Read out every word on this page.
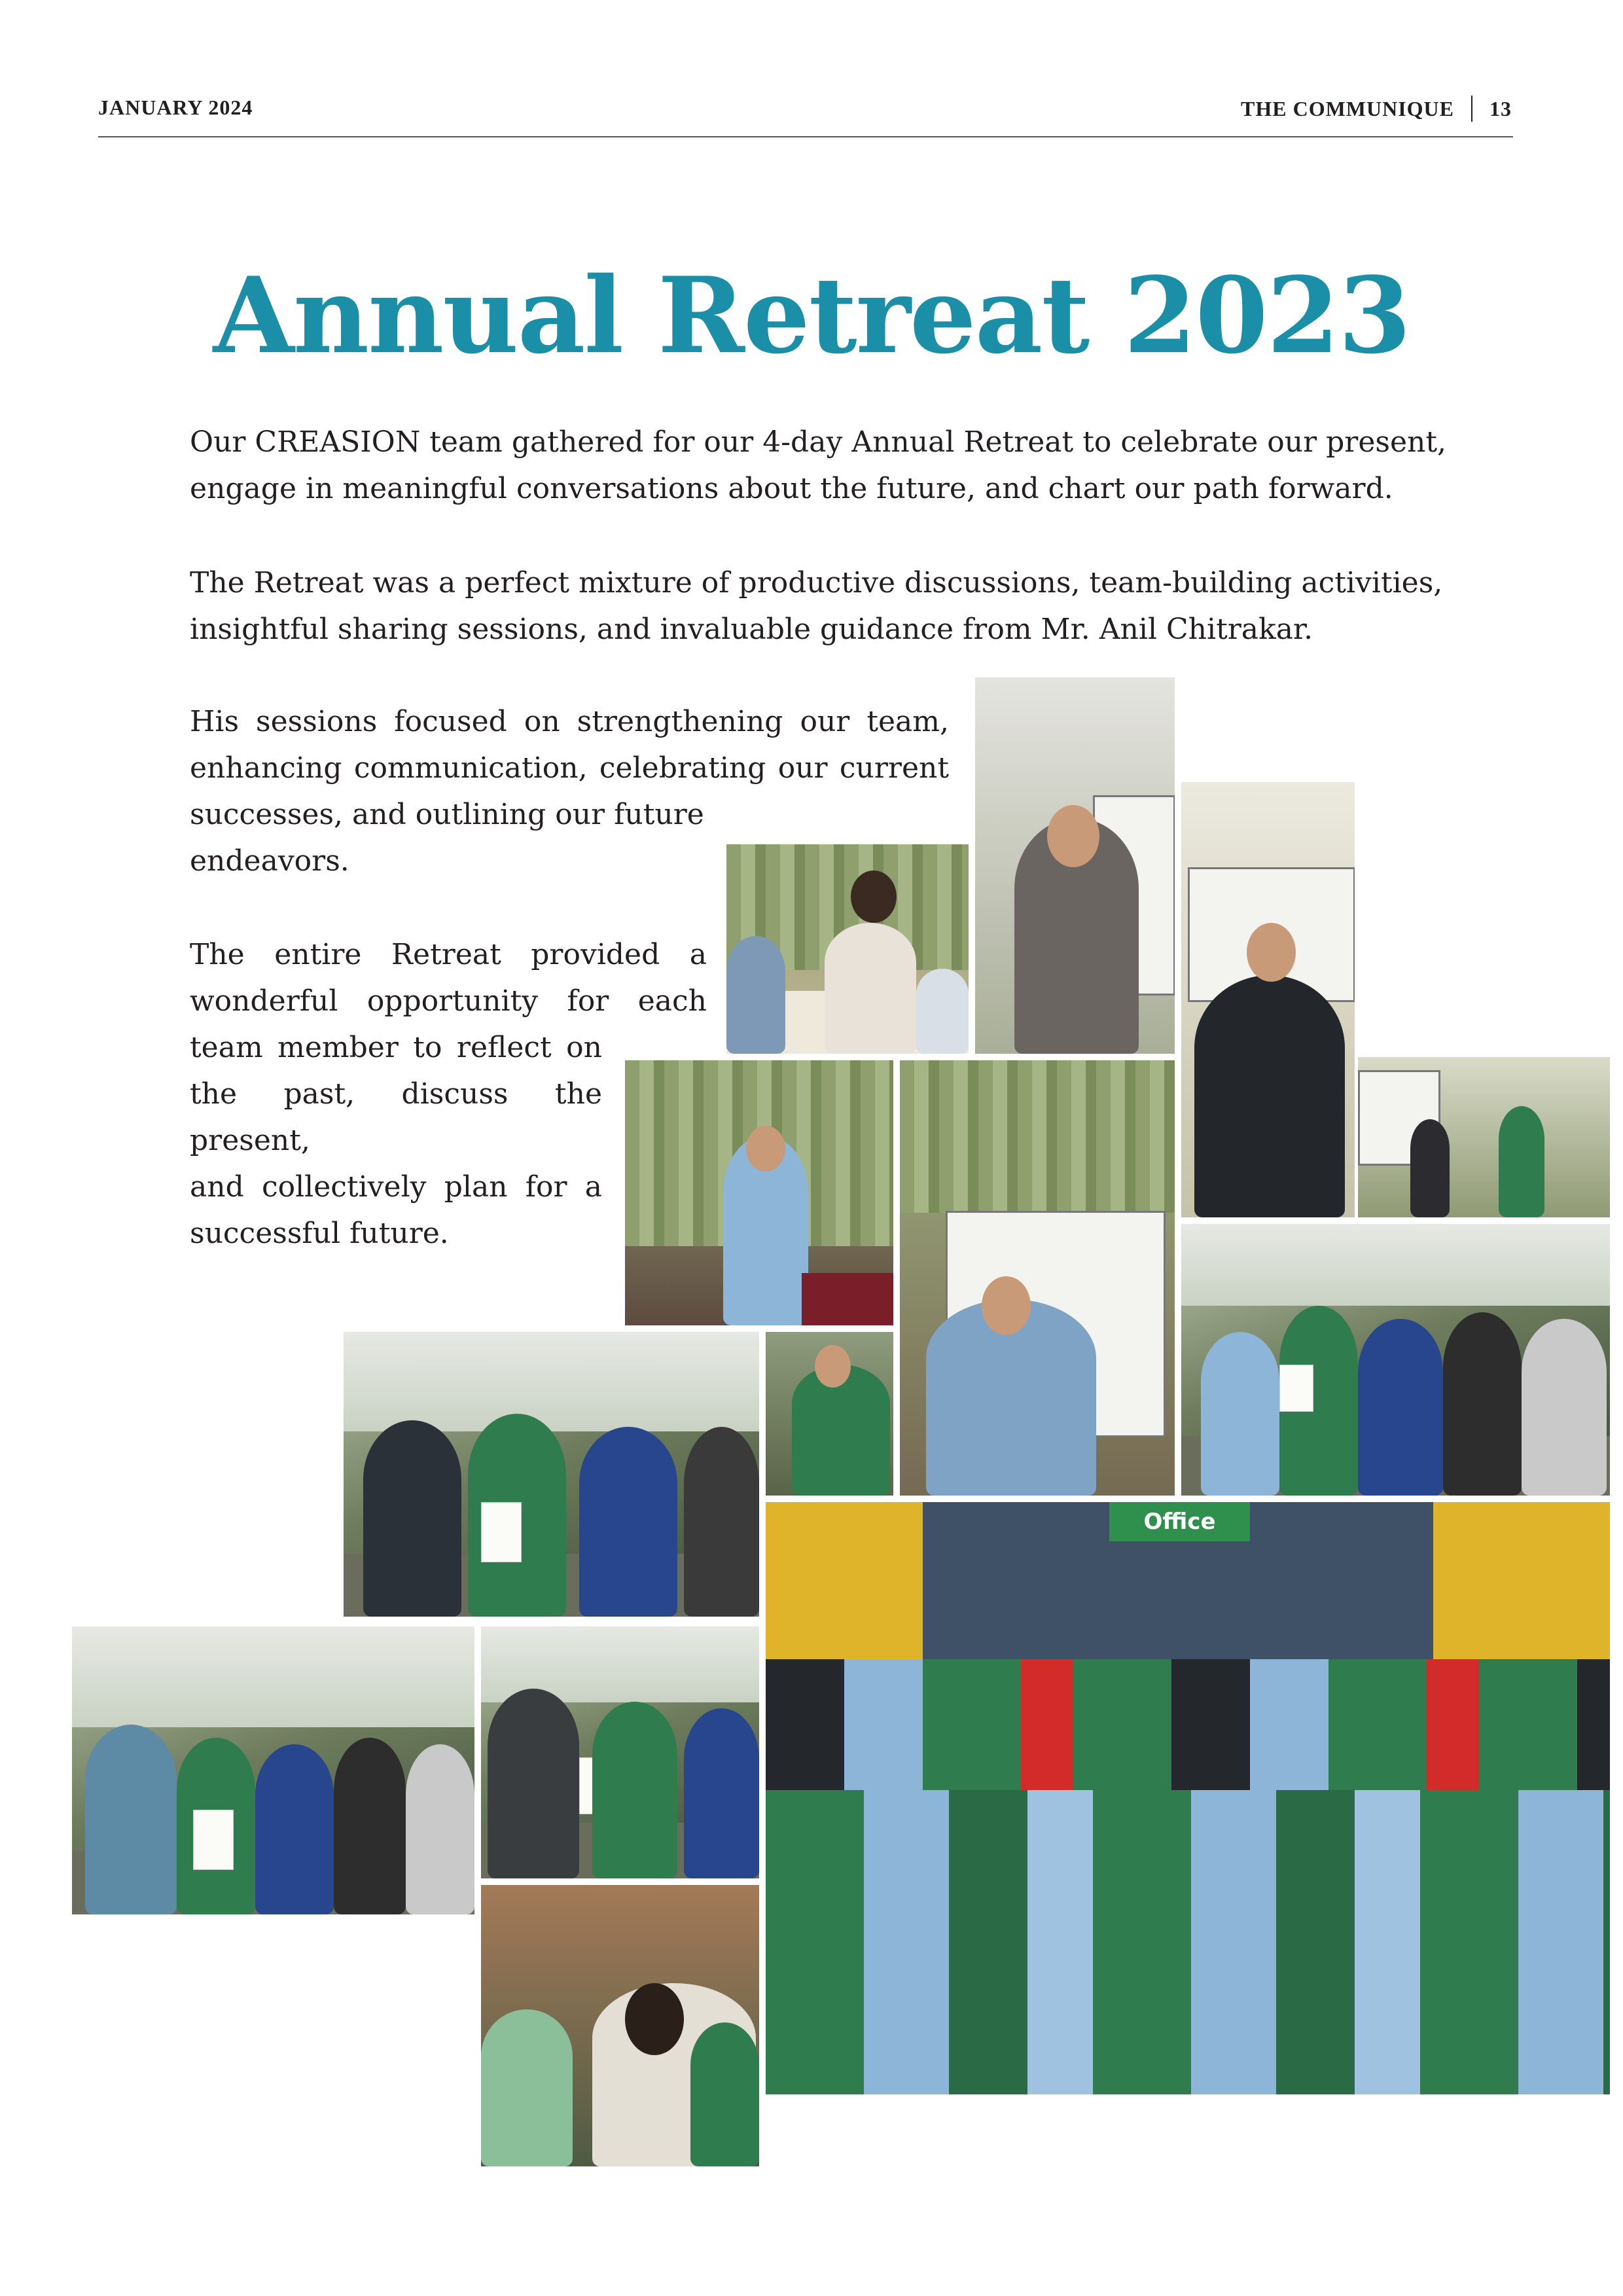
JANUARY 2024	THE COMMUNIQUE 13
Annual Retreat 2023

Our CREASION team gathered for our 4-day Annual Retreat to celebrate our present, engage in meaningful conversations about the future, and chart our path forward.

The Retreat was a perfect mixture of productive discussions, team-building activities, insightful sharing sessions, and invaluable guidance from Mr. Anil Chitrakar.

His sessions focused on strengthening our team,
enhancing communication, celebrating our current
successes, and outlining our future
endeavors.

The entire Retreat provided a
wonderful opportunity for each
team member to reflect on
the past, discuss the present,
and collectively plan for a
successful future.

Office
